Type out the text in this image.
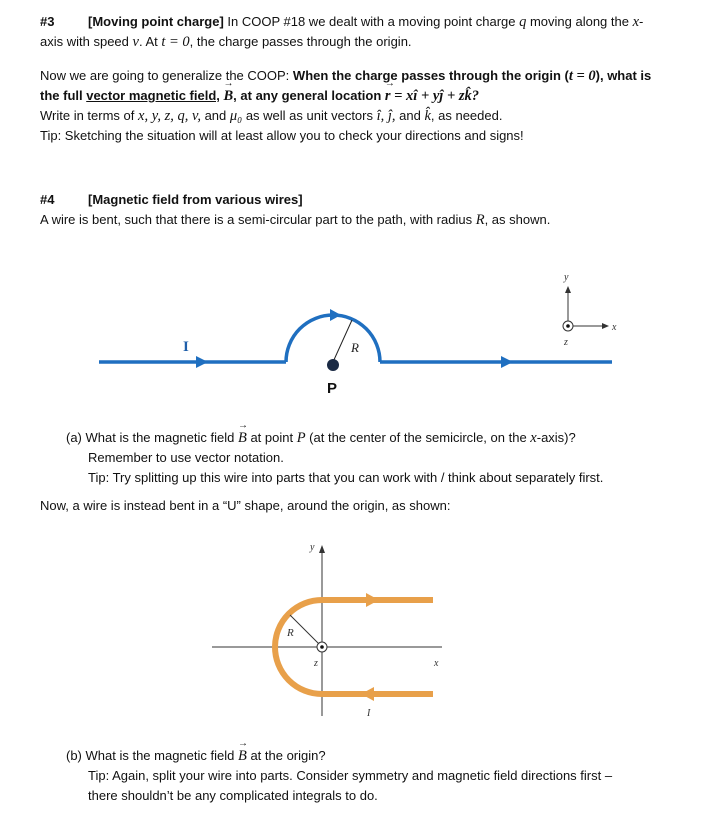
#3	[Moving point charge] In COOP #18 we dealt with a moving point charge q moving along the x-
axis with speed v. At t = 0, the charge passes through the origin.
Now we are going to generalize the COOP: When the charge passes through the origin (t = 0), what is
the full vector magnetic field, → B, at any general location → r = xî + yĵ + zk̂?
Write in terms of x, y, z, q, v, and μ₀ as well as unit vectors î, ĵ, and k̂, as needed.
Tip: Sketching the situation will at least allow you to check your directions and signs!
#4	[Magnetic field from various wires]
A wire is bent, such that there is a semi-circular part to the path, with radius R, as shown.
I	R
P
y
x
z
(a) What is the magnetic field → B at point P (at the center of the semicircle, on the x-axis)?
Remember to use vector notation.
Tip: Try splitting up this wire into parts that you can work with / think about separately first.
Now, a wire is instead bent in a “U” shape, around the origin, as shown:
y
R
z	x
I
(b) What is the magnetic field → B at the origin?
Tip: Again, split your wire into parts. Consider symmetry and magnetic field directions first –
there shouldn’t be any complicated integrals to do.
